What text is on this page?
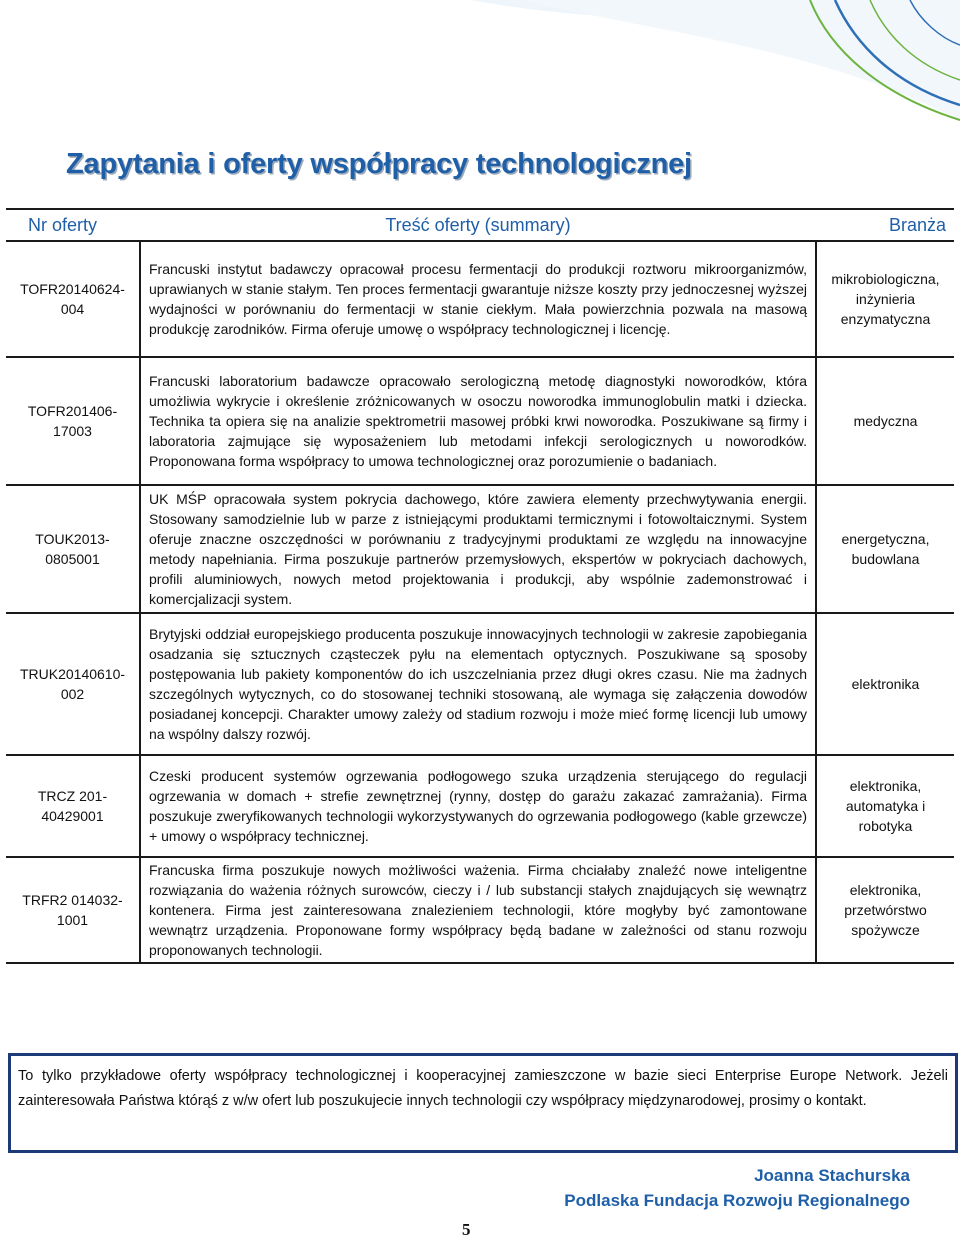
Zapytania i oferty współpracy technologicznej

Nr oferty	Treść oferty (summary)	Branża

TOFR20140624-004	Francuski instytut badawczy opracował procesu fermentacji do produkcji roztworu mikroorganizmów, uprawianych w stanie stałym. Ten proces fermentacji gwarantuje niższe koszty przy jednoczesnej wyższej wydajności w porównaniu do fermentacji w stanie ciekłym. Mała powierzchnia pozwala na masową produkcję zarodników. Firma oferuje umowę o współpracy technologicznej i licencję.	mikrobiologiczna, inżynieria enzymatyczna

TOFR201406-17003	Francuski laboratorium badawcze opracowało serologiczną metodę diagnostyki noworodków, która umożliwia wykrycie i określenie zróżnicowanych w osoczu noworodka immunoglobulin matki i dziecka. Technika ta opiera się na analizie spektrometrii masowej próbki krwi noworodka. Poszukiwane są firmy i laboratoria zajmujące się wyposażeniem lub metodami infekcji serologicznych u noworodków. Proponowana forma współpracy to umowa technologicznej oraz porozumienie o badaniach.	medyczna

TOUK2013-0805001	UK MŚP opracowała system pokrycia dachowego, które zawiera elementy przechwytywania energii. Stosowany samodzielnie lub w parze z istniejącymi produktami termicznymi i fotowoltaicznymi. System oferuje znaczne oszczędności w porównaniu z tradycyjnymi produktami ze względu na innowacyjne metody napełniania. Firma poszukuje partnerów przemysłowych, ekspertów w pokryciach dachowych, profili aluminiowych, nowych metod projektowania i produkcji, aby wspólnie zademonstrować i komercjalizacji system.	energetyczna, budowlana

TRUK20140610-002	Brytyjski oddział europejskiego producenta poszukuje innowacyjnych technologii w zakresie zapobiegania osadzania się sztucznych cząsteczek pyłu na elementach optycznych. Poszukiwane są sposoby postępowania lub pakiety komponentów do ich uszczelniania przez długi okres czasu. Nie ma żadnych szczególnych wytycznych, co do stosowanej techniki stosowaną, ale wymaga się załączenia dowodów posiadanej koncepcji. Charakter umowy zależy od stadium rozwoju i może mieć formę licencji lub umowy na wspólny dalszy rozwój.	elektronika

TRCZ 201-40429001	Czeski producent systemów ogrzewania podłogowego szuka urządzenia sterującego do regulacji ogrzewania w domach + strefie zewnętrznej (rynny, dostęp do garażu zakazać zamrażania). Firma poszukuje zweryfikowanych technologii wykorzystywanych do ogrzewania podłogowego (kable grzewcze) + umowy o współpracy technicznej.	elektronika, automatyka i robotyka

TRFR2 014032-1001	Francuska firma poszukuje nowych możliwości ważenia. Firma chciałaby znaleźć nowe inteligentne rozwiązania do ważenia różnych surowców, cieczy i / lub substancji stałych znajdujących się wewnątrz kontenera. Firma jest zainteresowana znalezieniem technologii, które mogłyby być zamontowane wewnątrz urządzenia. Proponowane formy współpracy będą badane w zależności od stanu rozwoju proponowanych technologii.	elektronika, przetwórstwo spożywcze

To tylko przykładowe oferty współpracy technologicznej i kooperacyjnej zamieszczone w bazie sieci Enterprise Europe Network. Jeżeli zainteresowała Państwa którąś z w/w ofert lub poszukujecie innych technologii czy współpracy międzynarodowej, prosimy o kontakt.
Joanna Stachurska
Podlaska Fundacja Rozwoju Regionalnego
5
